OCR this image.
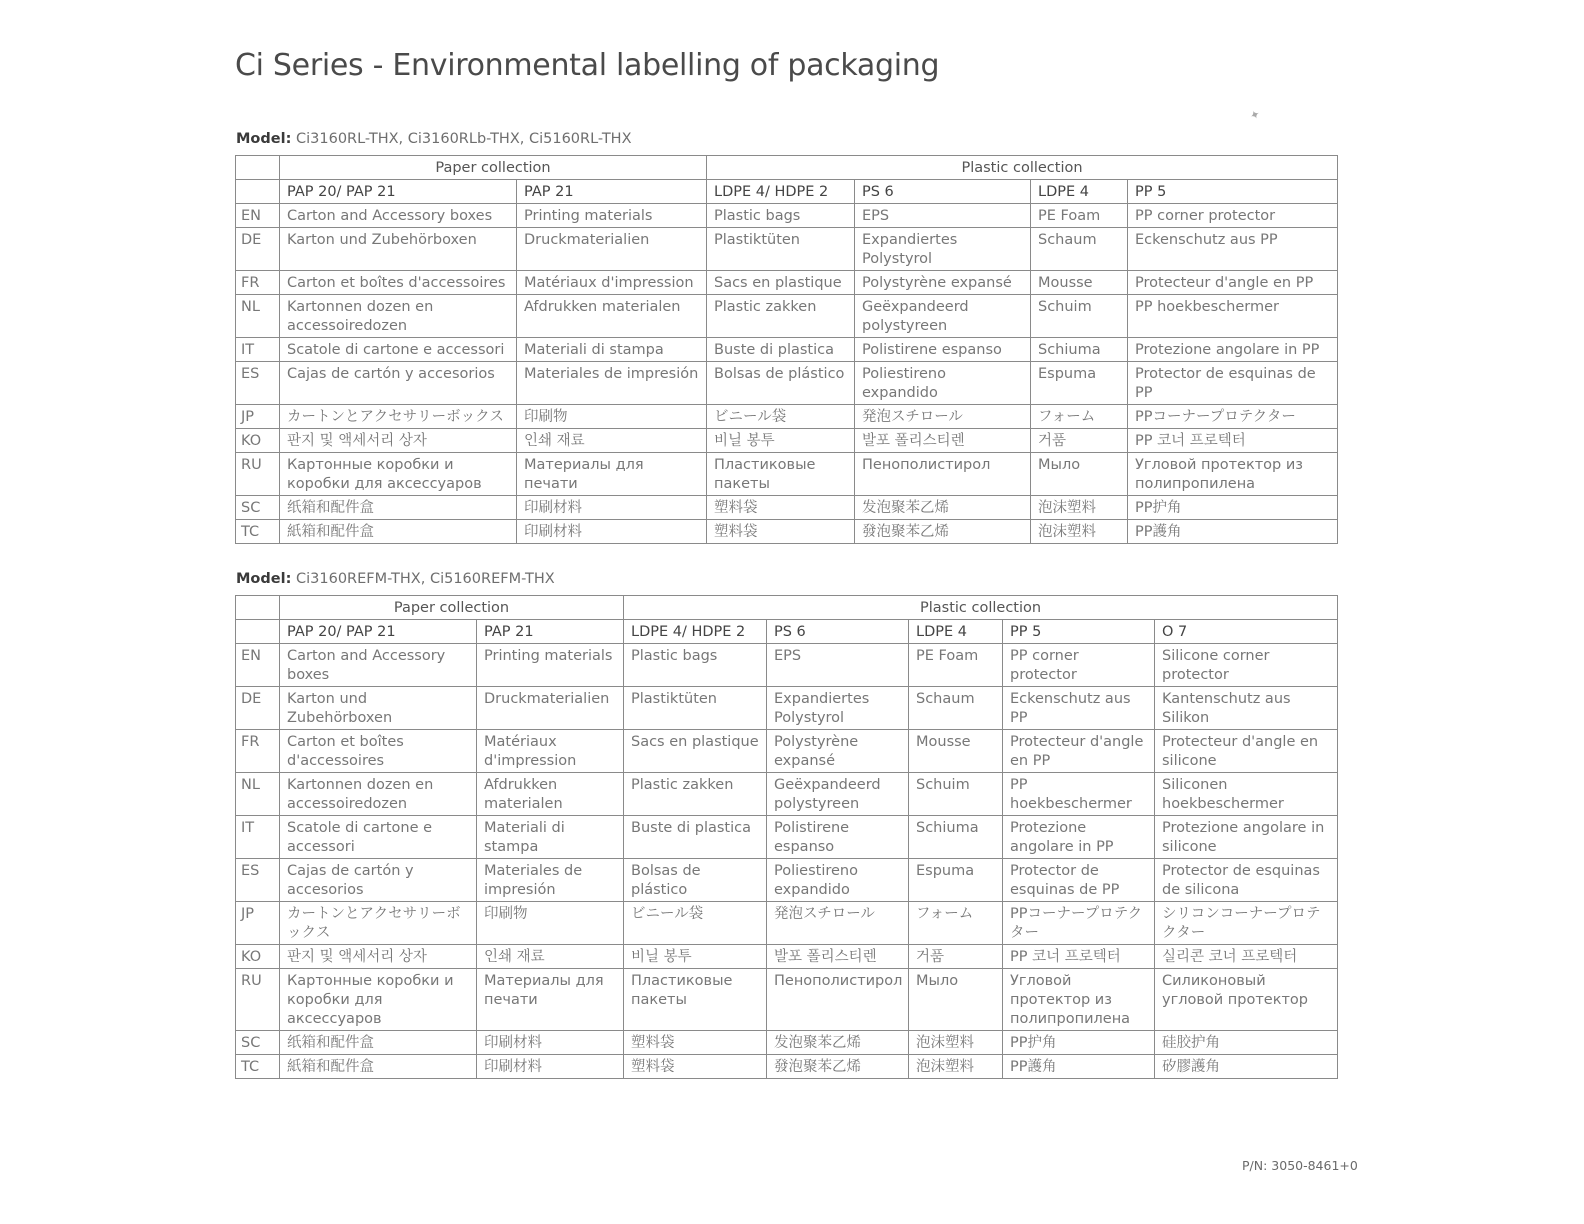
Ci Series - Environmental labelling of packaging
✦
Model: Ci3160RL-THX, Ci3160RLb-THX, Ci5160RL-THX
	Paper collection		Plastic collection			
	PAP 20/ PAP 21	PAP 21	LDPE 4/ HDPE 2	PS 6	LDPE 4	PP 5
EN	Carton and Accessory boxes	Printing materials	Plastic bags	EPS	PE Foam	PP corner protector
DE	Karton und Zubehörboxen	Druckmaterialien	Plastiktüten	Expandiertes Polystyrol	Schaum	Eckenschutz aus PP
FR	Carton et boîtes d'accessoires	Matériaux d'impression	Sacs en plastique	Polystyrène expansé	Mousse	Protecteur d'angle en PP
NL	Kartonnen dozen en accessoiredozen	Afdrukken materialen	Plastic zakken	Geëxpandeerd polystyreen	Schuim	PP hoekbeschermer
IT	Scatole di cartone e accessori	Materiali di stampa	Buste di plastica	Polistirene espanso	Schiuma	Protezione angolare in PP
ES	Cajas de cartón y accesorios	Materiales de impresión	Bolsas de plástico	Poliestireno expandido	Espuma	Protector de esquinas de PP
JP	カートンとアクセサリーボックス	印刷物	ビニール袋	発泡スチロール	フォーム	PPコーナープロテクター
KO	판지 및 액세서리 상자	인쇄 재료	비닐 봉투	발포 폴리스티렌	거품	PP 코너 프로텍터
RU	Картонные коробки и коробки для аксессуаров	Материалы для печати	Пластиковые пакеты	Пенополистирол	Мыло	Угловой протектор из полипропилена
SC	纸箱和配件盒	印刷材料	塑料袋	发泡聚苯乙烯	泡沫塑料	PP护角
TC	紙箱和配件盒	印刷材料	塑料袋	發泡聚苯乙烯	泡沫塑料	PP護角
Model: Ci3160REFM-THX, Ci5160REFM-THX
	Paper collection		Plastic collection				
	PAP 20/ PAP 21	PAP 21	LDPE 4/ HDPE 2	PS 6	LDPE 4	PP 5	O 7
EN	Carton and Accessory boxes	Printing materials	Plastic bags	EPS	PE Foam	PP corner protector	Silicone corner protector
DE	Karton und Zubehörboxen	Druckmaterialien	Plastiktüten	Expandiertes Polystyrol	Schaum	Eckenschutz aus PP	Kantenschutz aus Silikon
FR	Carton et boîtes d'accessoires	Matériaux d'impression	Sacs en plastique	Polystyrène expansé	Mousse	Protecteur d'angle en PP	Protecteur d'angle en silicone
NL	Kartonnen dozen en accessoiredozen	Afdrukken materialen	Plastic zakken	Geëxpandeerd polystyreen	Schuim	PP hoekbeschermer	Siliconen hoekbeschermer
IT	Scatole di cartone e accessori	Materiali di stampa	Buste di plastica	Polistirene espanso	Schiuma	Protezione angolare in PP	Protezione angolare in silicone
ES	Cajas de cartón y accesorios	Materiales de impresión	Bolsas de plástico	Poliestireno expandido	Espuma	Protector de esquinas de PP	Protector de esquinas de silicona
JP	カートンとアクセサリーボックス	印刷物	ビニール袋	発泡スチロール	フォーム	PPコーナープロテクター	シリコンコーナープロテクター
KO	판지 및 액세서리 상자	인쇄 재료	비닐 봉투	발포 폴리스티렌	거품	PP 코너 프로텍터	실리콘 코너 프로텍터
RU	Картонные коробки и коробки для аксессуаров	Материалы для печати	Пластиковые пакеты	Пенополистирол	Мыло	Угловой протектор из полипропилена	Силиконовый угловой протектор
SC	纸箱和配件盒	印刷材料	塑料袋	发泡聚苯乙烯	泡沫塑料	PP护角	硅胶护角
TC	紙箱和配件盒	印刷材料	塑料袋	發泡聚苯乙烯	泡沫塑料	PP護角	矽膠護角
P/N: 3050-8461+0
